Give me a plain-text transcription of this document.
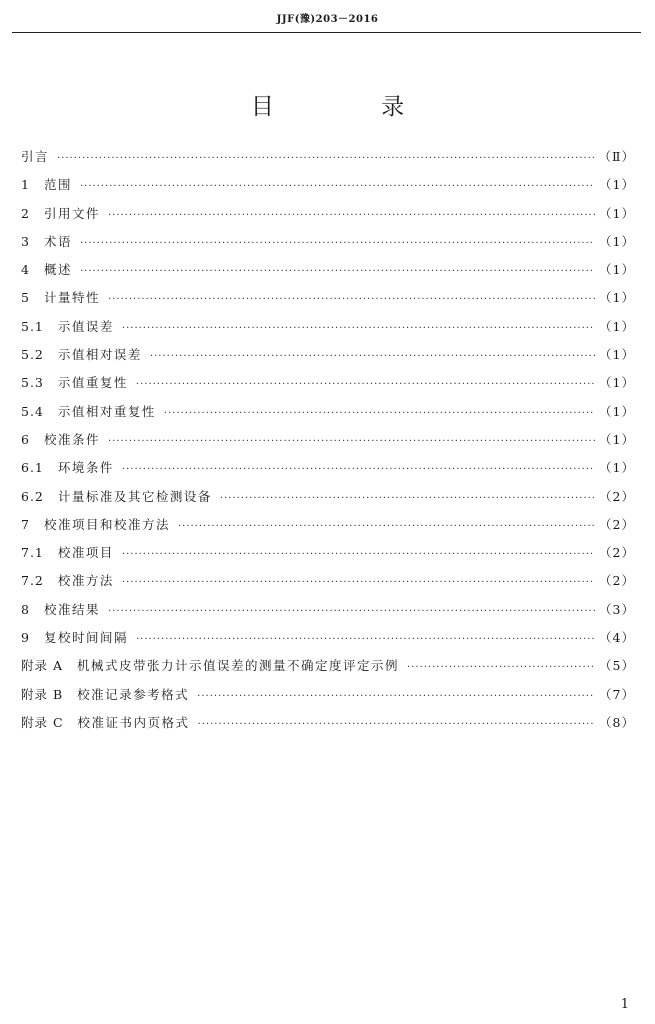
JJF(豫)203－2016
目 录
引言 ·····	（Ⅱ）
1 范围 ·····	（1）
2 引用文件 ·····	（1）
3 术语 ·····	（1）
4 概述 ·····	（1）
5 计量特性 ·····	（1）
5.1 示值误差 ·····	（1）
5.2 示值相对误差 ·····	（1）
5.3 示值重复性 ·····	（1）
5.4 示值相对重复性 ·····	（1）
6 校准条件 ·····	（1）
6.1 环境条件 ·····	（1）
6.2 计量标准及其它检测设备 ·····	（2）
7 校准项目和校准方法 ·····	（2）
7.1 校准项目 ·····	（2）
7.2 校准方法 ·····	（2）
8 校准结果 ·····	（3）
9 复校时间间隔 ·····	（4）
附录 A 机械式皮带张力计示值误差的测量不确定度评定示例 ·····	（5）
附录 B 校准记录参考格式 ·····	（7）
附录 C 校准证书内页格式 ·····	（8）
1
